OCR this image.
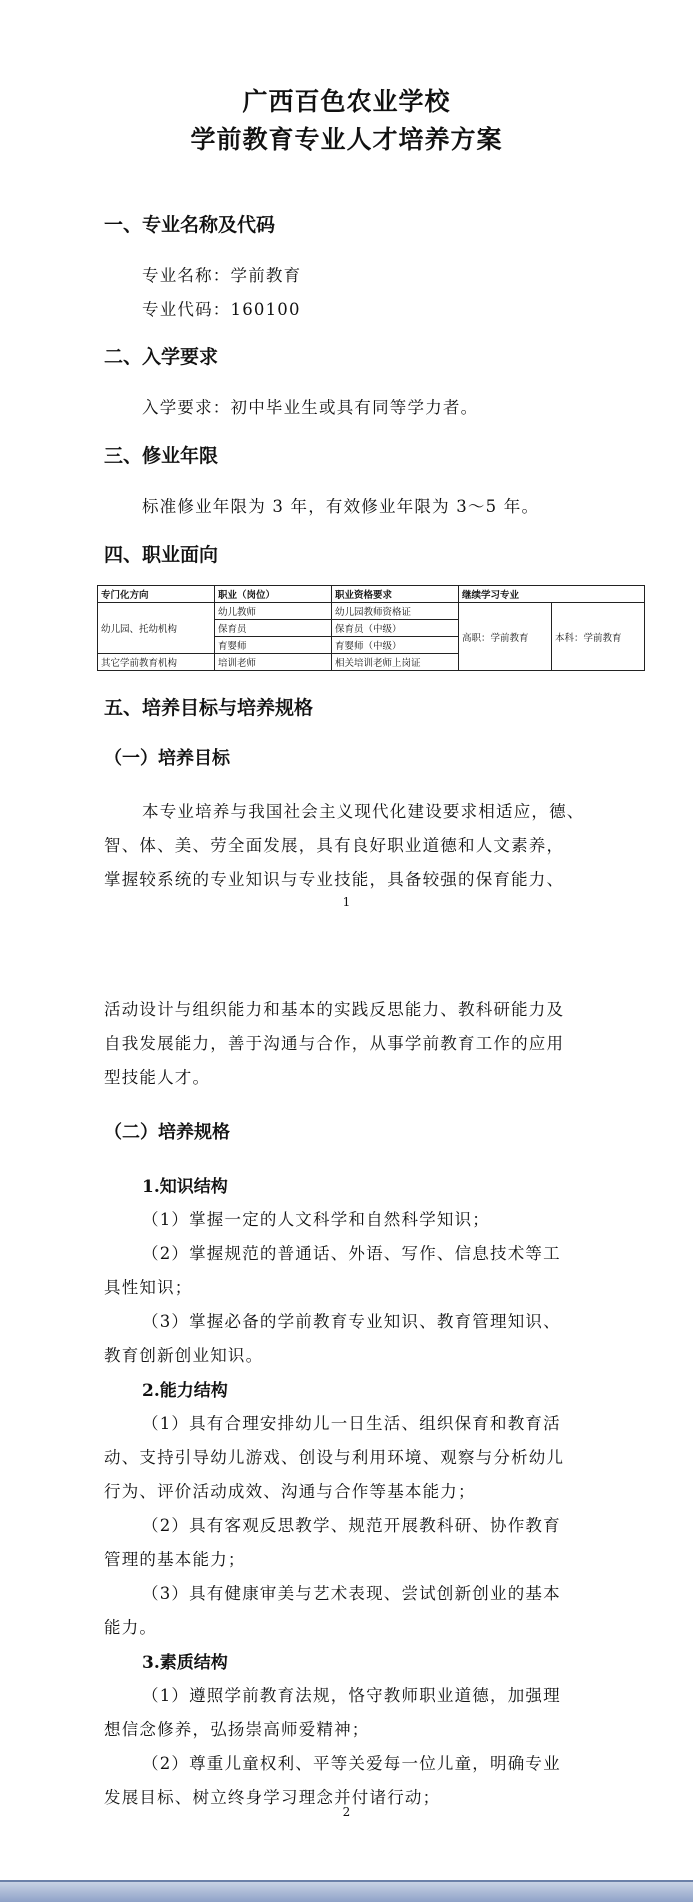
广西百色农业学校
学前教育专业人才培养方案
一、专业名称及代码
专业名称：学前教育
专业代码：160100
二、入学要求
入学要求：初中毕业生或具有同等学力者。
三、修业年限
标准修业年限为 3 年，有效修业年限为 3～5 年。
四、职业面向
专门化方向	职业（岗位）	职业资格要求	继续学习专业	
幼儿园、托幼机构	幼儿教师	幼儿园教师资格证	高职：学前教育	本科：学前教育
	保育员	保育员（中级）		
	育婴师	育婴师（中级）		
其它学前教育机构	培训老师	相关培训老师上岗证		
五、培养目标与培养规格
（一）培养目标
本专业培养与我国社会主义现代化建设要求相适应，德、
智、体、美、劳全面发展，具有良好职业道德和人文素养，
掌握较系统的专业知识与专业技能，具备较强的保育能力、
1
活动设计与组织能力和基本的实践反思能力、教科研能力及
自我发展能力，善于沟通与合作，从事学前教育工作的应用
型技能人才。
（二）培养规格
1.知识结构
（1）掌握一定的人文科学和自然科学知识；
（2）掌握规范的普通话、外语、写作、信息技术等工
具性知识；
（3）掌握必备的学前教育专业知识、教育管理知识、
教育创新创业知识。
2.能力结构
（1）具有合理安排幼儿一日生活、组织保育和教育活
动、支持引导幼儿游戏、创设与利用环境、观察与分析幼儿
行为、评价活动成效、沟通与合作等基本能力；
（2）具有客观反思教学、规范开展教科研、协作教育
管理的基本能力；
（3）具有健康审美与艺术表现、尝试创新创业的基本
能力。
3.素质结构
（1）遵照学前教育法规，恪守教师职业道德，加强理
想信念修养，弘扬崇高师爱精神；
（2）尊重儿童权利、平等关爱每一位儿童，明确专业
发展目标、树立终身学习理念并付诸行动；
2
